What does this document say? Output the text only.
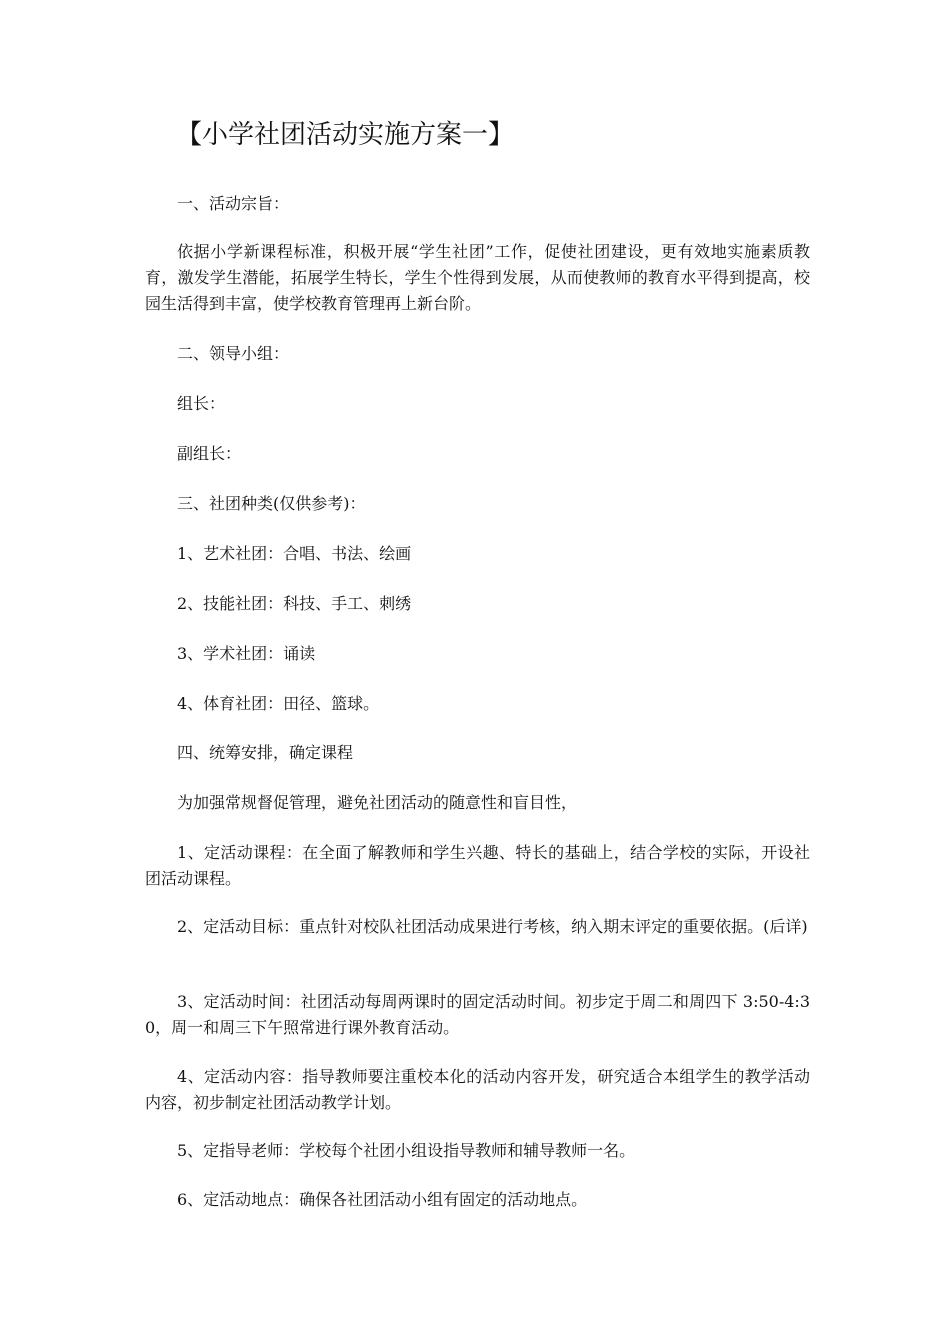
【小学社团活动实施方案一】

一、活动宗旨：

依据小学新课程标准，积极开展“学生社团”工作，促使社团建设，更有效地实施素质教育，激发学生潜能，拓展学生特长，学生个性得到发展，从而使教师的教育水平得到提高，校园生活得到丰富，使学校教育管理再上新台阶。

二、领导小组：

组长：

副组长：

三、社团种类(仅供参考)：

1、艺术社团：合唱、书法、绘画

2、技能社团：科技、手工、刺绣

3、学术社团：诵读

4、体育社团：田径、篮球。

四、统筹安排，确定课程

为加强常规督促管理，避免社团活动的随意性和盲目性，

1、定活动课程：在全面了解教师和学生兴趣、特长的基础上，结合学校的实际，开设社团活动课程。

2、定活动目标：重点针对校队社团活动成果进行考核，纳入期末评定的重要依据。(后详)

3、定活动时间：社团活动每周两课时的固定活动时间。初步定于周二和周四下 3:50-4:30，周一和周三下午照常进行课外教育活动。

4、定活动内容：指导教师要注重校本化的活动内容开发，研究适合本组学生的教学活动内容，初步制定社团活动教学计划。

5、定指导老师：学校每个社团小组设指导教师和辅导教师一名。

6、定活动地点：确保各社团活动小组有固定的活动地点。
